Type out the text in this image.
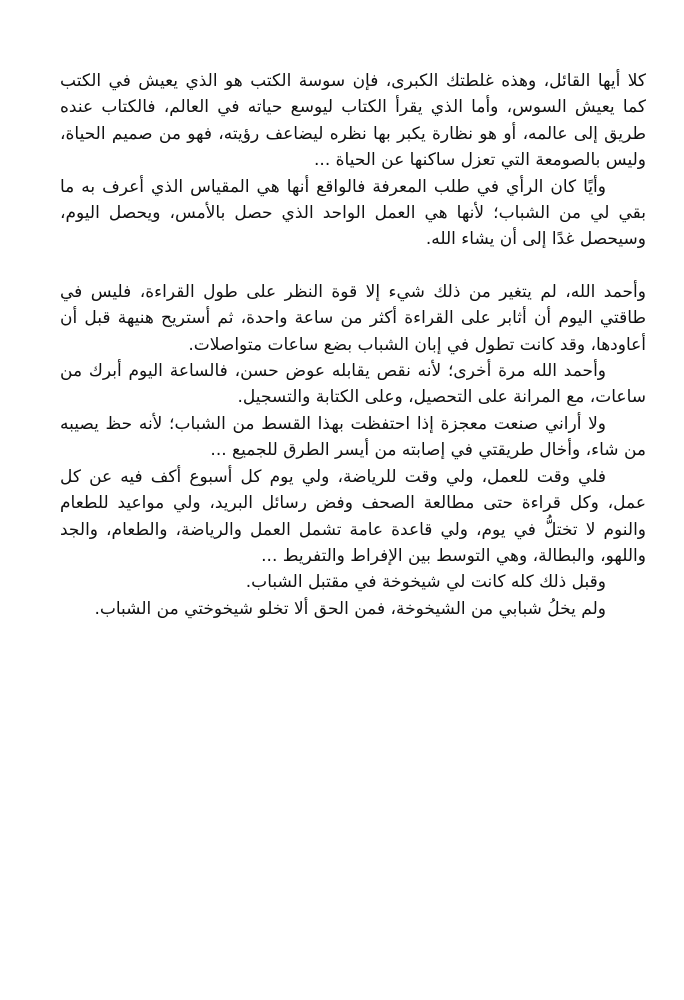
كلا أيها القائل، وهذه غلطتك الكبرى، فإن سوسة الكتب هو الذي يعيش في الكتب كما يعيش السوس، وأما الذي يقرأ الكتاب ليوسع حياته في العالم، فالكتاب عنده طريق إلى عالمه، أو هو نظارة يكبر بها نظره ليضاعف رؤيته، فهو من صميم الحياة، وليس بالصومعة التي تعزل ساكنها عن الحياة ...

وأيًا كان الرأي في طلب المعرفة فالواقع أنها هي المقياس الذي أعرف به ما بقي لي من الشباب؛ لأنها هي العمل الواحد الذي حصل بالأمس، ويحصل اليوم، وسيحصل غدًا إلى أن يشاء الله.

وأحمد الله، لم يتغير من ذلك شيء إلا قوة النظر على طول القراءة، فليس في طاقتي اليوم أن أثابر على القراءة أكثر من ساعة واحدة، ثم أستريح هنيهة قبل أن أعاودها، وقد كانت تطول في إبان الشباب بضع ساعات متواصلات.

وأحمد الله مرة أخرى؛ لأنه نقص يقابله عوض حسن، فالساعة اليوم أبرك من ساعات، مع المرانة على التحصيل، وعلى الكتابة والتسجيل.

ولا أراني صنعت معجزة إذا احتفظت بهذا القسط من الشباب؛ لأنه حظ يصيبه من شاء، وأخال طريقتي في إصابته من أيسر الطرق للجميع ...

فلي وقت للعمل، ولي وقت للرياضة، ولي يوم كل أسبوع أكف فيه عن كل عمل، وكل قراءة حتى مطالعة الصحف وفض رسائل البريد، ولي مواعيد للطعام والنوم لا تختلُّ في يوم، ولي قاعدة عامة تشمل العمل والرياضة، والطعام، والجد واللهو، والبطالة، وهي التوسط بين الإفراط والتفريط ...

وقبل ذلك كله كانت لي شيخوخة في مقتبل الشباب.

ولم يخلُ شبابي من الشيخوخة، فمن الحق ألا تخلو شيخوختي من الشباب.
